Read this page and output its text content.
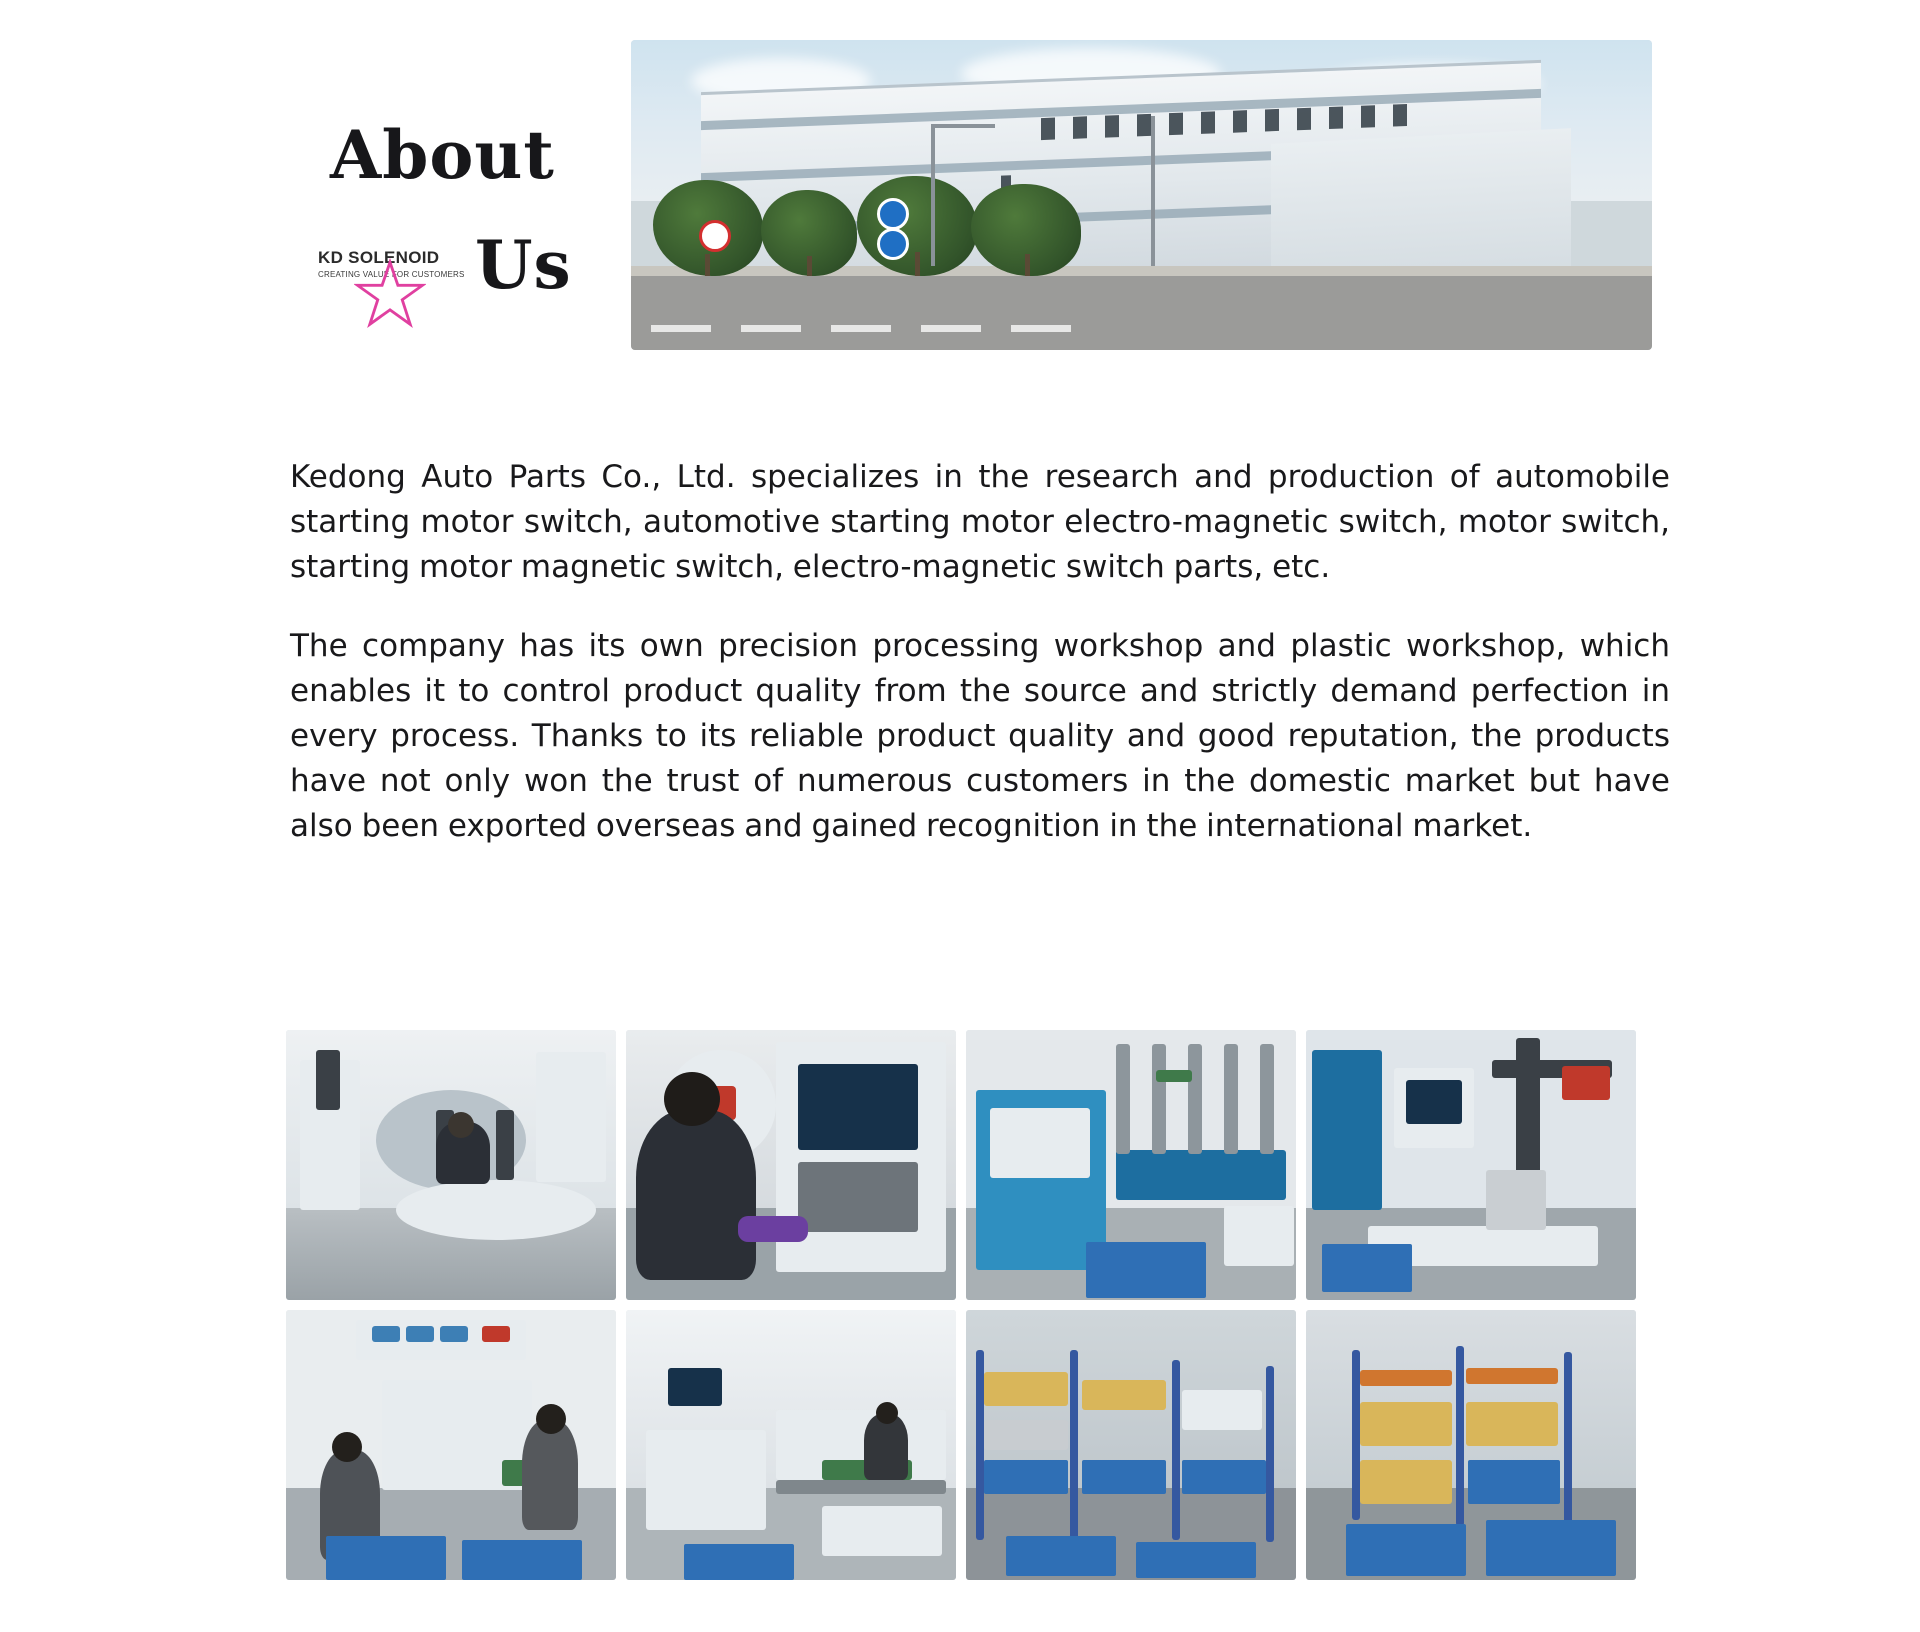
About
KD SOLENOID
CREATING VALUE FOR CUSTOMERS Us

Kedong Auto Parts Co., Ltd. specializes in the research and production of automobile starting motor switch, automotive starting motor electro-magnetic switch, motor switch, starting motor magnetic switch, electro-magnetic switch parts, etc.

The company has its own precision processing workshop and plastic workshop, which enables it to control product quality from the source and strictly demand perfection in every process. Thanks to its reliable product quality and good reputation, the products have not only won the trust of numerous customers in the domestic market but have also been exported overseas and gained recognition in the international market.
